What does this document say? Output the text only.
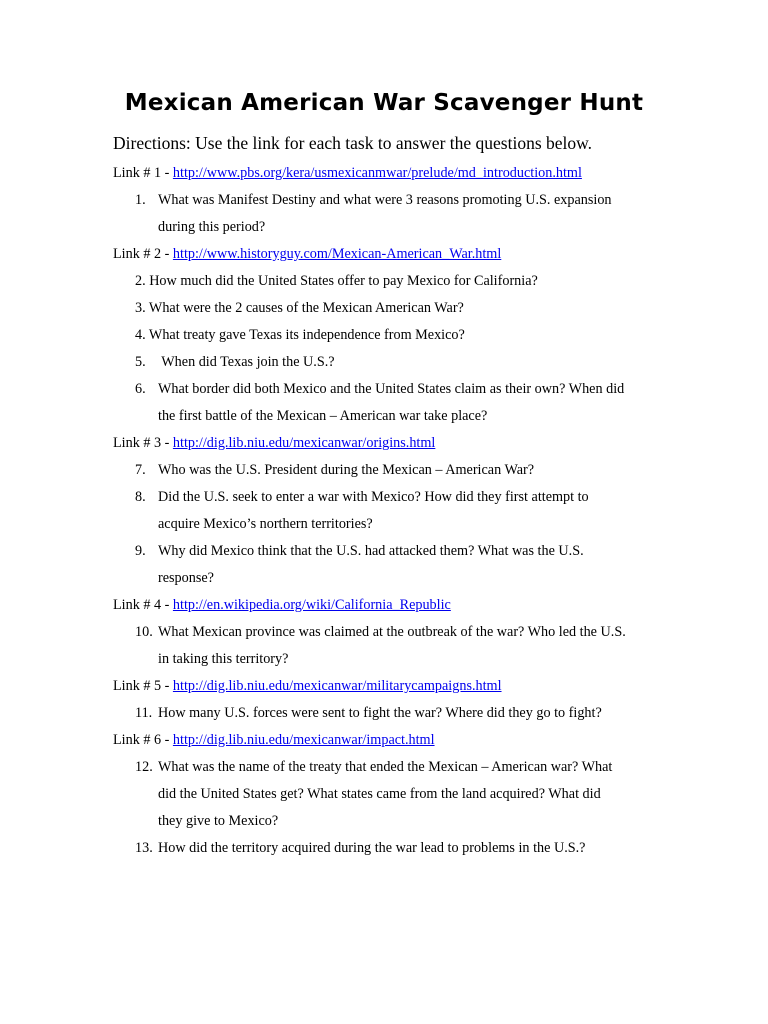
Mexican American War Scavenger Hunt
Directions: Use the link for each task to answer the questions below.
Link # 1 - http://www.pbs.org/kera/usmexicanmwar/prelude/md_introduction.html
1. What was Manifest Destiny and what were 3 reasons promoting U.S. expansion
during this period?
Link # 2 - http://www.historyguy.com/Mexican-American_War.html
2. How much did the United States offer to pay Mexico for California?
3. What were the 2 causes of the Mexican American War?
4. What treaty gave Texas its independence from Mexico?
5. When did Texas join the U.S.?
6. What border did both Mexico and the United States claim as their own? When did
the first battle of the Mexican – American war take place?
Link # 3 - http://dig.lib.niu.edu/mexicanwar/origins.html
7. Who was the U.S. President during the Mexican – American War?
8. Did the U.S. seek to enter a war with Mexico? How did they first attempt to
acquire Mexico’s northern territories?
9. Why did Mexico think that the U.S. had attacked them? What was the U.S.
response?
Link # 4 - http://en.wikipedia.org/wiki/California_Republic
10. What Mexican province was claimed at the outbreak of the war? Who led the U.S.
in taking this territory?
Link # 5 - http://dig.lib.niu.edu/mexicanwar/militarycampaigns.html
11. How many U.S. forces were sent to fight the war? Where did they go to fight?
Link # 6 - http://dig.lib.niu.edu/mexicanwar/impact.html
12. What was the name of the treaty that ended the Mexican – American war? What
did the United States get? What states came from the land acquired? What did
they give to Mexico?
13. How did the territory acquired during the war lead to problems in the U.S.?
